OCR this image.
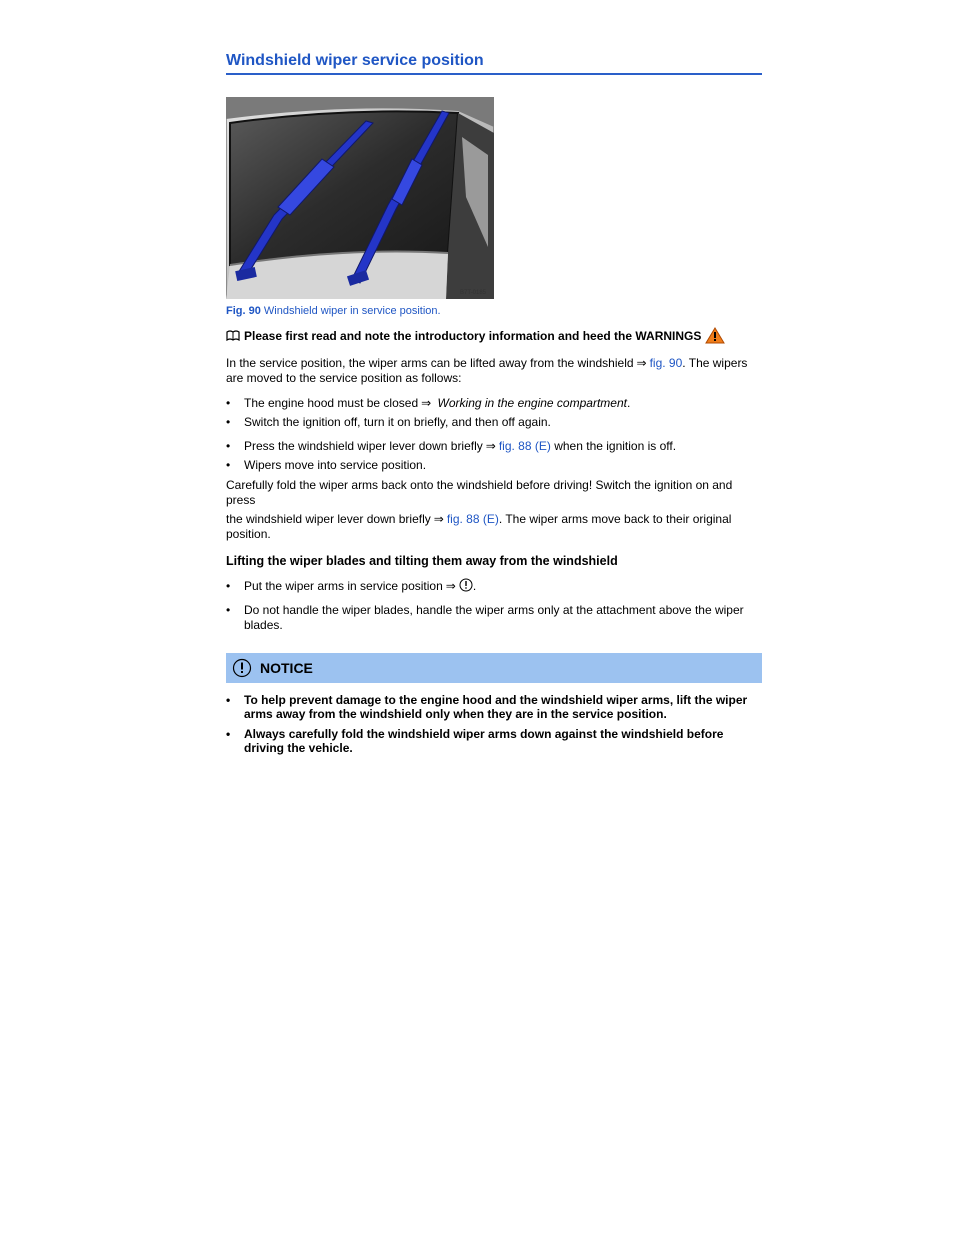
Windshield wiper service position
B7T-0185
Fig. 90 Windshield wiper in service position.
Please first read and note the introductory information and heed the WARNINGS

In the service position, the wiper arms can be lifted away from the windshield ⇒ fig. 90. The wipers are moved to the service position as follows:

•	The engine hood must be closed ⇒ Working in the engine compartment.
•	Switch the ignition off, turn it on briefly, and then off again.
•	Press the windshield wiper lever down briefly ⇒ fig. 88 (E) when the ignition is off.
•	Wipers move into service position.

Carefully fold the wiper arms back onto the windshield before driving! Switch the ignition on and press

the windshield wiper lever down briefly ⇒ fig. 88 (E). The wiper arms move back to their original position.

Lifting the wiper blades and tilting them away from the windshield
•	Put the wiper arms in service position ⇒ .
•	Do not handle the wiper blades, handle the wiper arms only at the attachment above the wiper blades.
NOTICE
•	To help prevent damage to the engine hood and the windshield wiper arms, lift the wiper arms away from the windshield only when they are in the service position.
•	Always carefully fold the windshield wiper arms down against the windshield before driving the vehicle.
